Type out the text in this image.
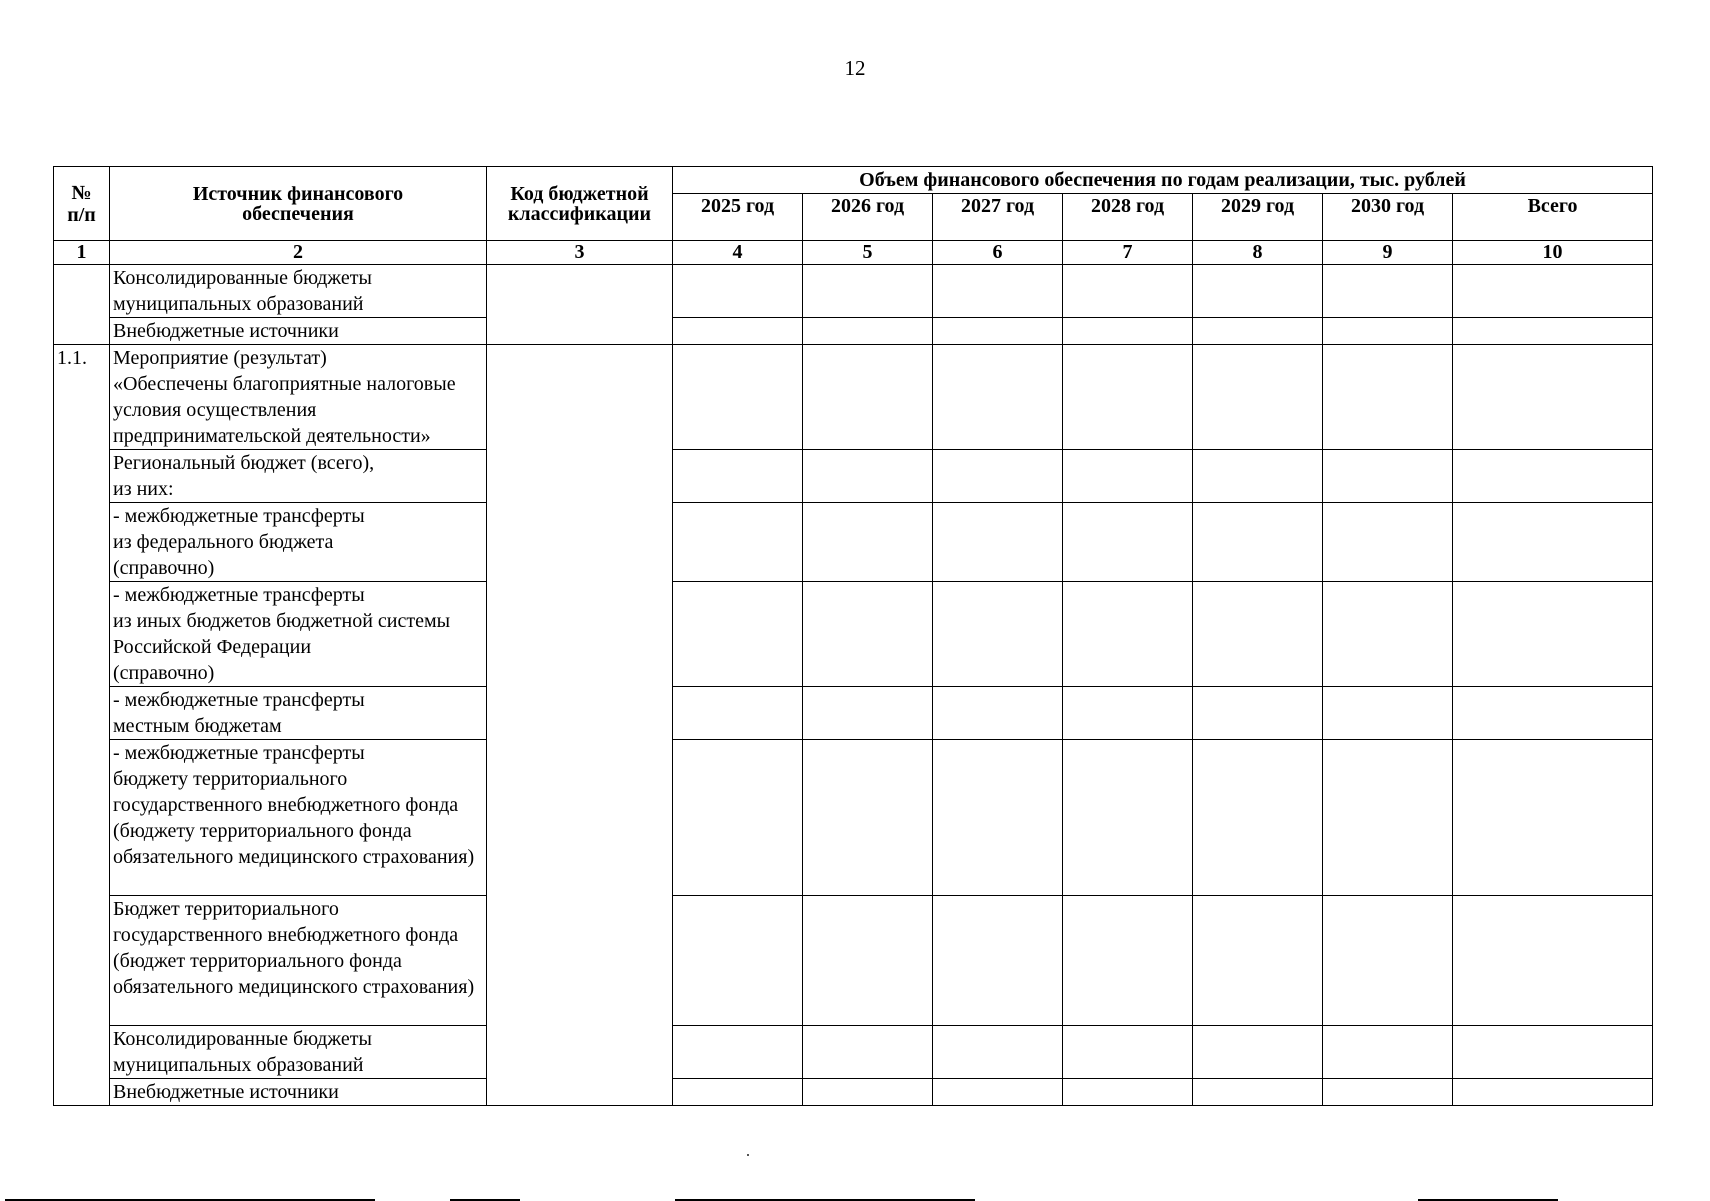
12
№
п/п	Источник финансового обеспечения	Код бюджетной классификации	Объем финансового обеспечения по годам реализации, тыс. рублей						
			2025 год	2026 год	2027 год	2028 год	2029 год	2030 год	Всего
1	2	3	4	5	6	7	8	9	10
	Консолидированные бюджеты муниципальных образований								
	Внебюджетные источники								
1.1.	Мероприятие (результат)
«Обеспечены благоприятные налоговые условия осуществления предпринимательской деятельности»								
	Региональный бюджет (всего),
из них:								
	- межбюджетные трансферты
из федерального бюджета
(справочно)								
	- межбюджетные трансферты
из иных бюджетов бюджетной системы Российской Федерации
(справочно)								
	- межбюджетные трансферты
местным бюджетам								
	- межбюджетные трансферты
бюджету территориального государственного внебюджетного фонда (бюджету территориального фонда обязательного медицинского страхования)								
	Бюджет территориального государственного внебюджетного фонда (бюджет территориального фонда обязательного медицинского страхования)								
	Консолидированные бюджеты муниципальных образований								
	Внебюджетные источники								
